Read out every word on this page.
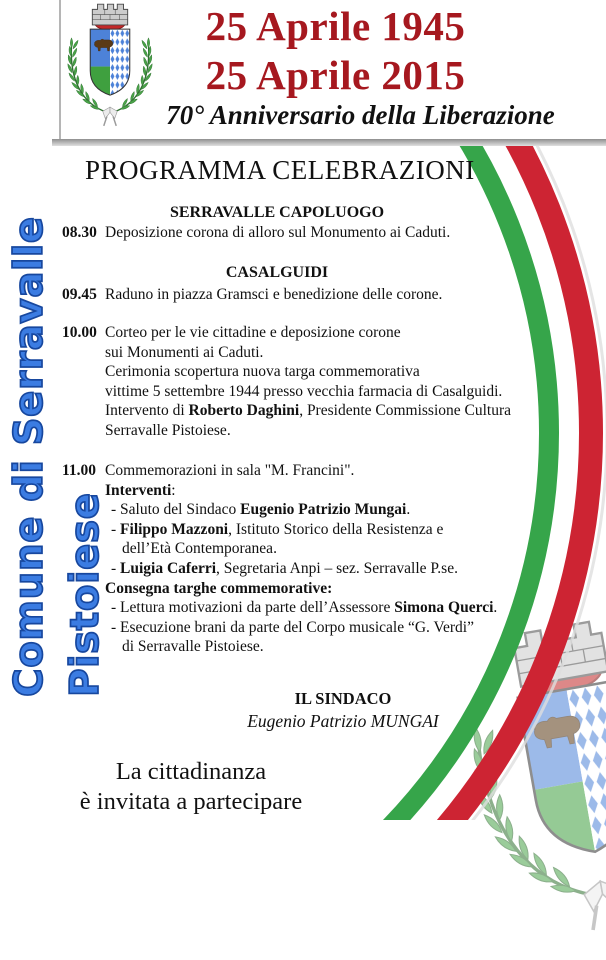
25 Aprile 1945
25 Aprile 2015
70° Anniversario della Liberazione
Comune di Serravalle Pistoiese
PROGRAMMA CELEBRAZIONI
SERRAVALLE CAPOLUOGO
08.30 Deposizione corona di alloro sul Monumento ai Caduti.
CASALGUIDI
09.45 Raduno in piazza Gramsci e benedizione delle corone.
10.00 Corteo per le vie cittadine e deposizione corone
sui Monumenti ai Caduti.
Cerimonia scopertura nuova targa commemorativa
vittime 5 settembre 1944 presso vecchia farmacia di Casalguidi.
Intervento di Roberto Daghini, Presidente Commissione Cultura
Serravalle Pistoiese.
11.00 Commemorazioni in sala "M. Francini".
Interventi:
- Saluto del Sindaco Eugenio Patrizio Mungai.
- Filippo Mazzoni, Istituto Storico della Resistenza e
dell’Età Contemporanea.
- Luigia Caferri, Segretaria Anpi – sez. Serravalle P.se.
Consegna targhe commemorative:
- Lettura motivazioni da parte dell’Assessore Simona Querci.
- Esecuzione brani da parte del Corpo musicale “G. Verdi”
di Serravalle Pistoiese.
IL SINDACO
Eugenio Patrizio MUNGAI
La cittadinanza
è invitata a partecipare
